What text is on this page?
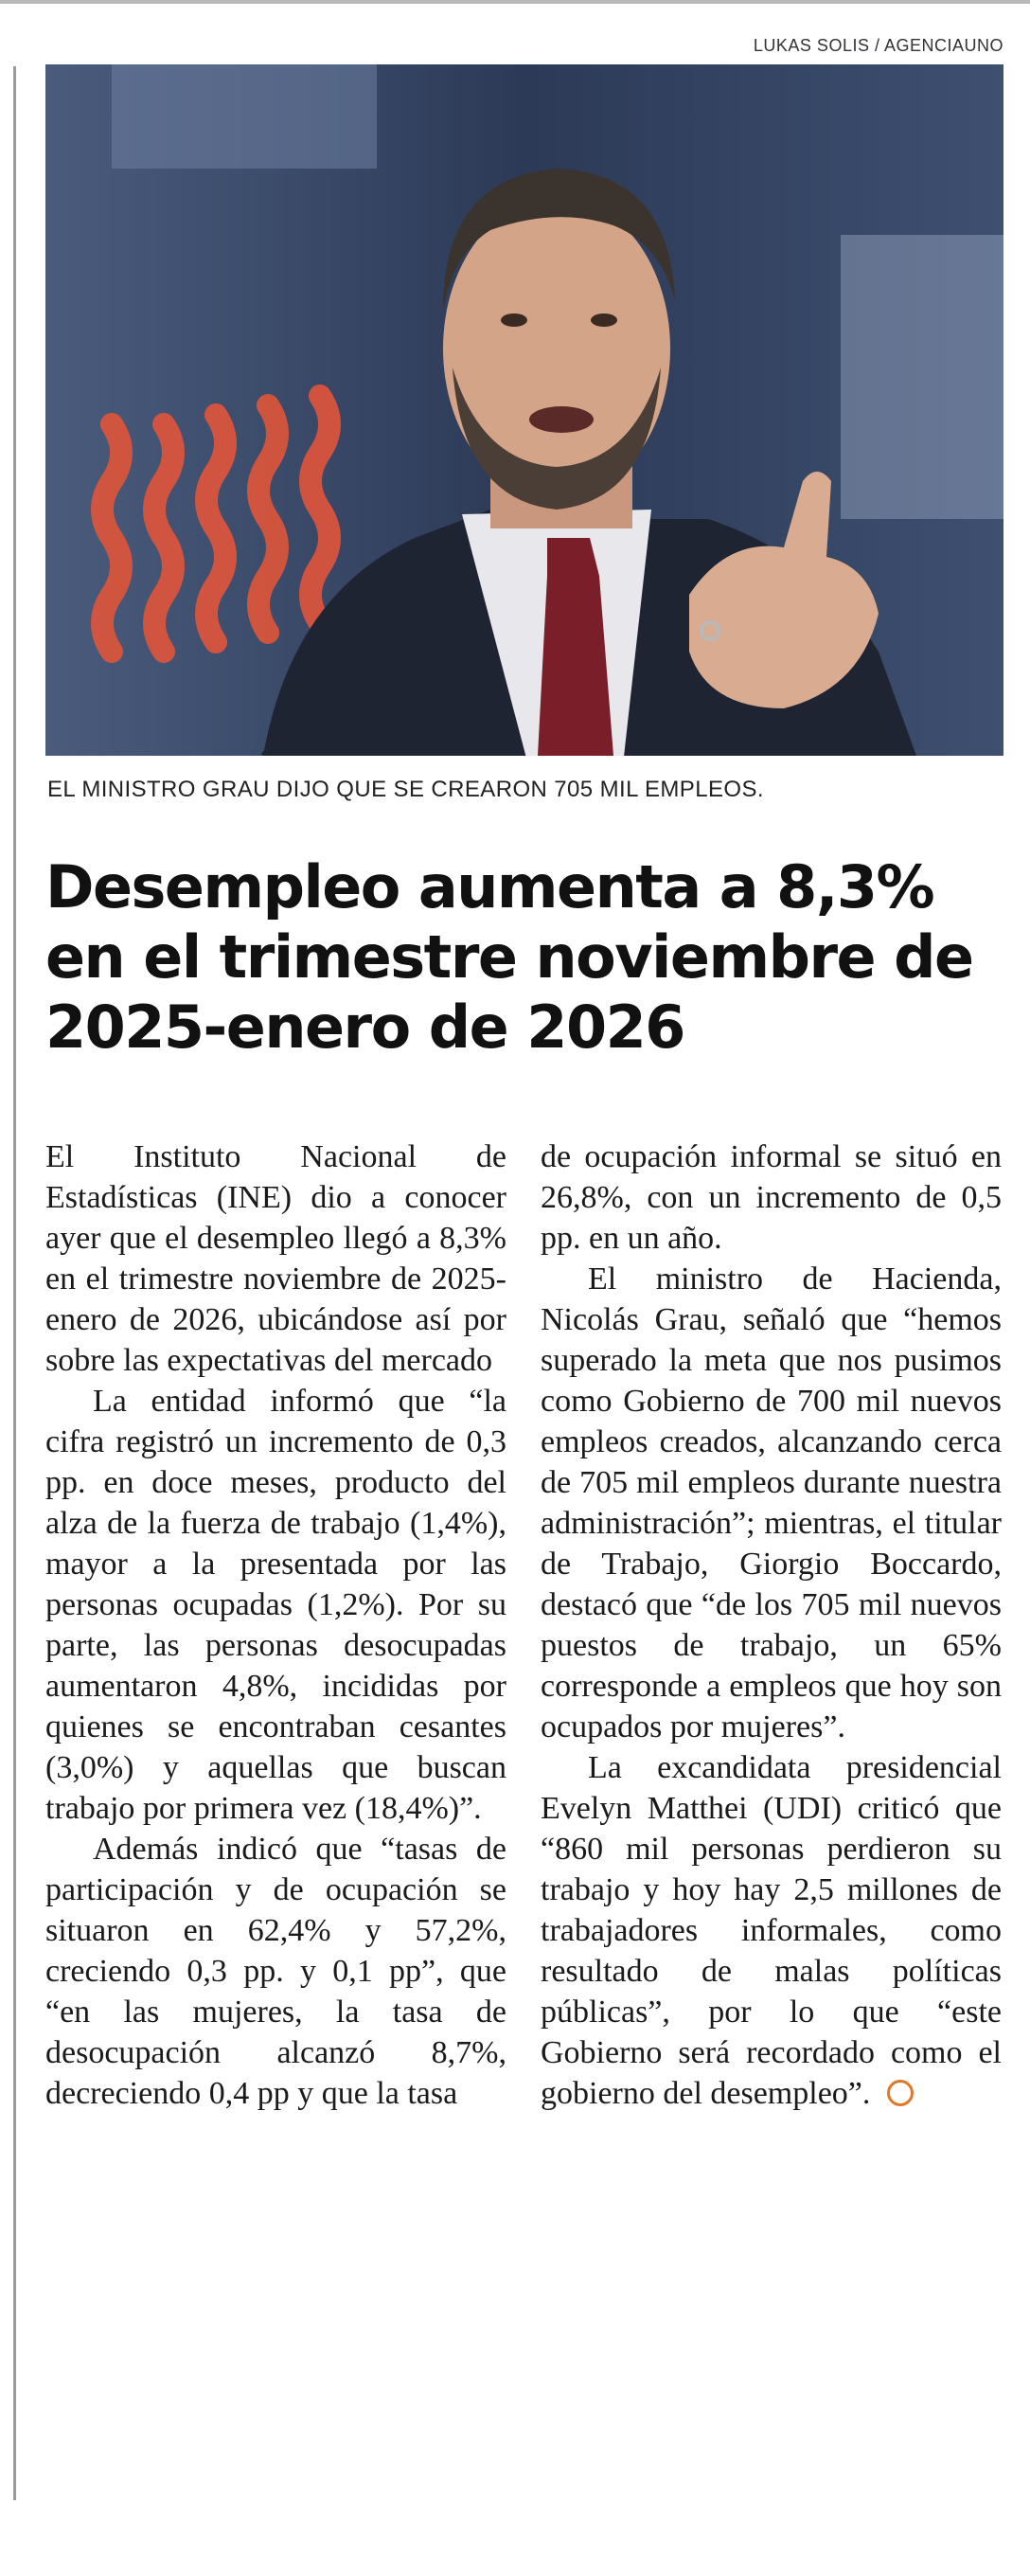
LUKAS SOLIS / AGENCIAUNO
EL MINISTRO GRAU DIJO QUE SE CREARON 705 MIL EMPLEOS.
Desempleo aumenta a 8,3% en el trimestre noviembre de 2025-enero de 2026

El Instituto Nacional de Estadísticas (INE) dio a conocer ayer que el desempleo llegó a 8,3% en el trimestre noviembre de 2025-enero de 2026, ubicándose así por sobre las expectativas del mercado

La entidad informó que “la cifra registró un incremento de 0,3 pp. en doce meses, producto del alza de la fuerza de trabajo (1,4%), mayor a la presentada por las personas ocupadas (1,2%). Por su parte, las personas desocupadas aumentaron 4,8%, incididas por quienes se encontraban cesantes (3,0%) y aquellas que buscan trabajo por primera vez (18,4%)”.

Además indicó que “tasas de participación y de ocupación se situaron en 62,4% y 57,2%, creciendo 0,3 pp. y 0,1 pp”, que “en las mujeres, la tasa de desocupación alcanzó 8,7%, decreciendo 0,4 pp y que la tasa

de ocupación informal se situó en 26,8%, con un incremento de 0,5 pp. en un año.

El ministro de Hacienda, Nicolás Grau, señaló que “hemos superado la meta que nos pusimos como Gobierno de 700 mil nuevos empleos creados, alcanzando cerca de 705 mil empleos durante nuestra administración”; mientras, el titular de Trabajo, Giorgio Boccardo, destacó que “de los 705 mil nuevos puestos de trabajo, un 65% corresponde a empleos que hoy son ocupados por mujeres”.

La excandidata presidencial Evelyn Matthei (UDI) criticó que “860 mil personas perdieron su trabajo y hoy hay 2,5 millones de trabajadores informales, como resultado de malas políticas públicas”, por lo que “este Gobierno será recordado como el gobierno del desempleo”.
